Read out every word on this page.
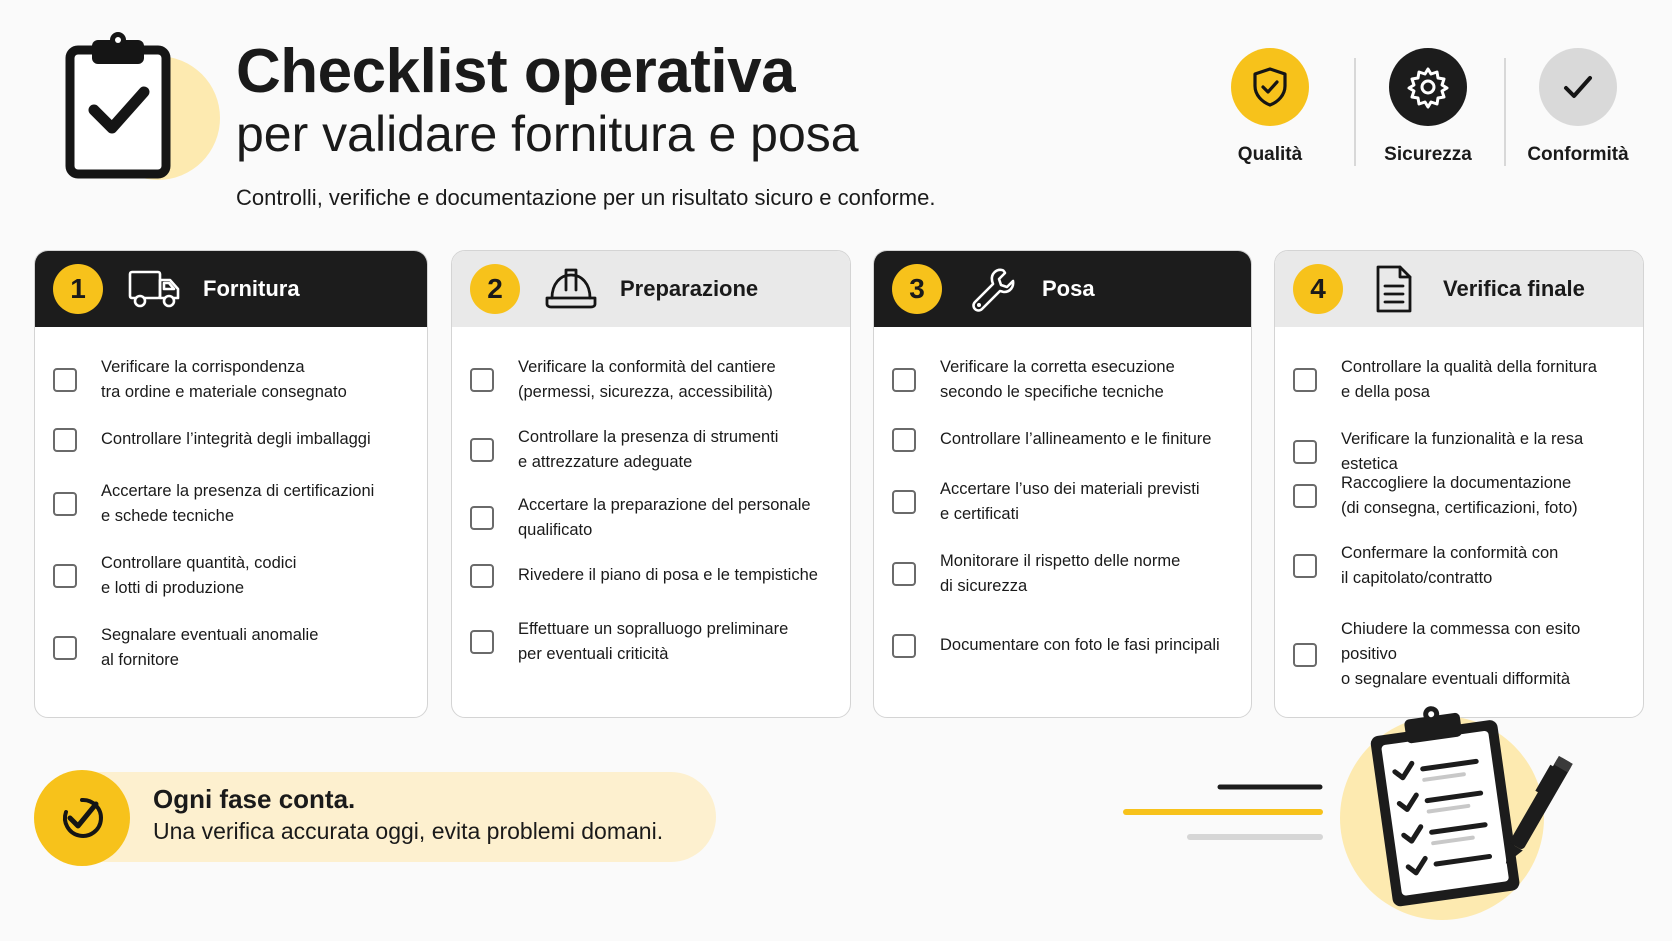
Checklist operativa
per validare fornitura e posa
Controlli, verifiche e documentazione per un risultato sicuro e conforme.
Qualità	Sicurezza	Conformità
1	Fornitura
Verificare la corrispondenza
tra ordine e materiale consegnato
Controllare l’integrità degli imballaggi
Accertare la presenza di certificazioni
e schede tecniche
Controllare quantità, codici
e lotti di produzione
Segnalare eventuali anomalie
al fornitore
2	Preparazione
Verificare la conformità del cantiere
(permessi, sicurezza, accessibilità)
Controllare la presenza di strumenti
e attrezzature adeguate
Accertare la preparazione del personale
qualificato
Rivedere il piano di posa e le tempistiche
Effettuare un sopralluogo preliminare
per eventuali criticità
3	Posa
Verificare la corretta esecuzione
secondo le specifiche tecniche
Controllare l’allineamento e le finiture
Accertare l’uso dei materiali previsti
e certificati
Monitorare il rispetto delle norme
di sicurezza
Documentare con foto le fasi principali
4	Verifica finale
Controllare la qualità della fornitura
e della posa
Verificare la funzionalità e la resa estetica
Raccogliere la documentazione
(di consegna, certificazioni, foto)
Confermare la conformità con
il capitolato/contratto
Chiudere la commessa con esito positivo
o segnalare eventuali difformità
Ogni fase conta.
Una verifica accurata oggi, evita problemi domani.
